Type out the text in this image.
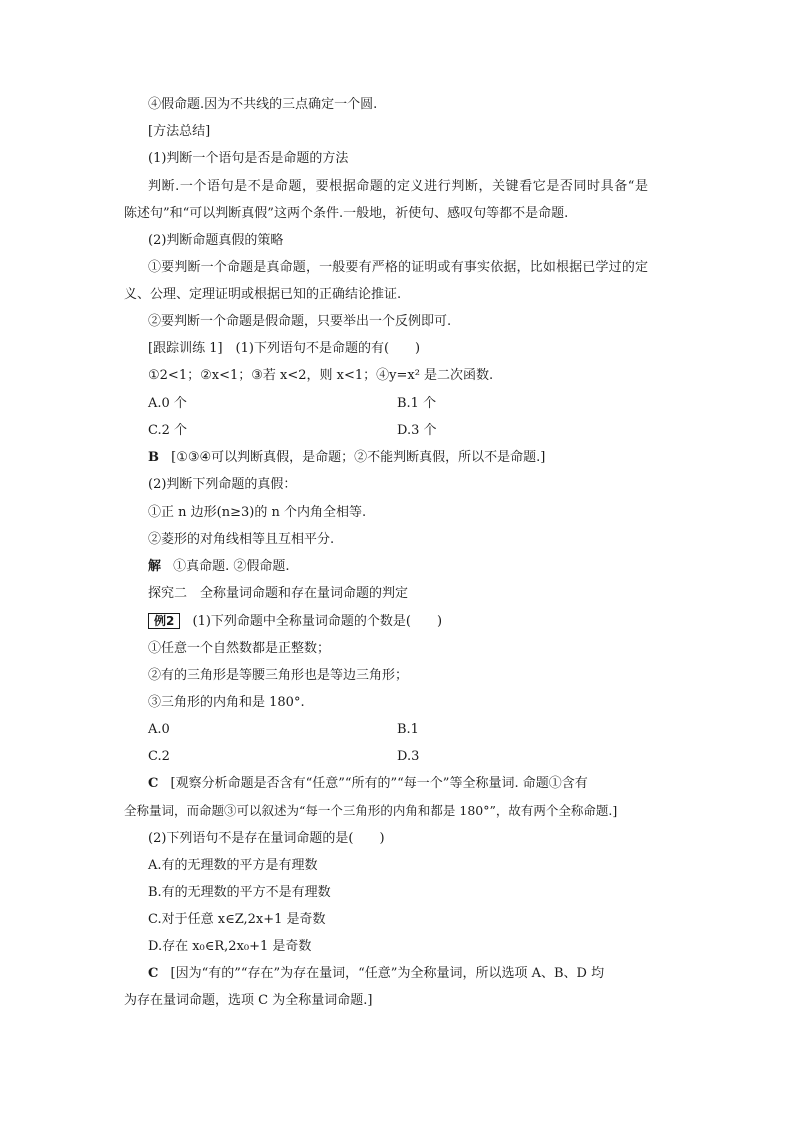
④假命题.因为不共线的三点确定一个圆.
[方法总结]
(1)判断一个语句是否是命题的方法
判断.一个语句是不是命题，要根据命题的定义进行判断，关键看它是否同时具备“是
陈述句”和“可以判断真假”这两个条件.一般地，祈使句、感叹句等都不是命题.
(2)判断命题真假的策略
①要判断一个命题是真命题，一般要有严格的证明或有事实依据，比如根据已学过的定
义、公理、定理证明或根据已知的正确结论推证.
②要判断一个命题是假命题，只要举出一个反例即可.
[跟踪训练 1]　(1)下列语句不是命题的有(　　)
①2<1；②x<1；③若 x<2，则 x<1；④y=x² 是二次函数.
A.0 个	B.1 个
C.2 个	D.3 个
B [①③④可以判断真假，是命题；②不能判断真假，所以不是命题.]
(2)判断下列命题的真假：
①正 n 边形(n≥3)的 n 个内角全相等.
②菱形的对角线相等且互相平分.
解 ①真命题. ②假命题.
探究二　全称量词命题和存在量词命题的判定
例2 (1)下列命题中全称量词命题的个数是(　　)
①任意一个自然数都是正整数；
②有的三角形是等腰三角形也是等边三角形；
③三角形的内角和是 180°.
A.0	B.1
C.2	D.3
C [观察分析命题是否含有“任意”“所有的”“每一个”等全称量词. 命题①含有
全称量词，而命题③可以叙述为“每一个三角形的内角和都是 180°”，故有两个全称命题.]
(2)下列语句不是存在量词命题的是(　　)
A.有的无理数的平方是有理数
B.有的无理数的平方不是有理数
C.对于任意 x∈Z,2x+1 是奇数
D.存在 x₀∈R,2x₀+1 是奇数
C [因为“有的”“存在”为存在量词，“任意”为全称量词，所以选项 A、B、D 均
为存在量词命题，选项 C 为全称量词命题.]
